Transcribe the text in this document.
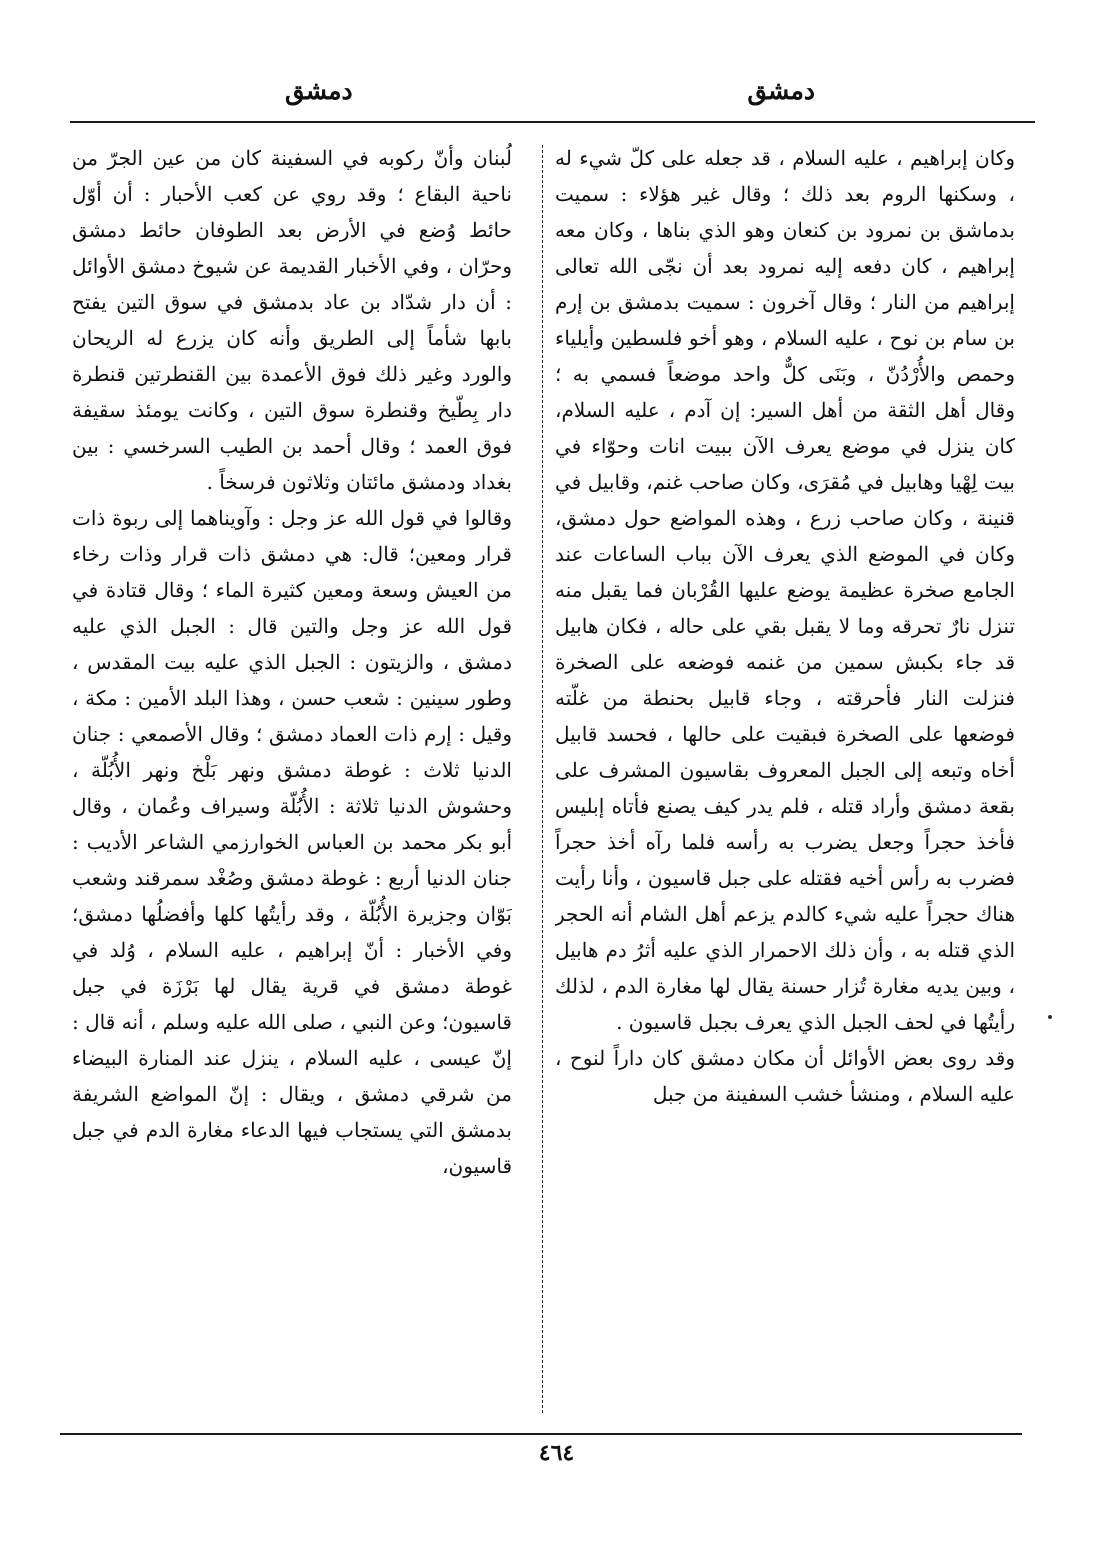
دمشق
دمشق

وكان إبراهيم ، عليه السلام ، قد جعله على كلّ شيء له ، وسكنها الروم بعد ذلك ؛ وقال غير هؤلاء : سميت بدماشق بن نمرود بن كنعان وهو الذي بناها ، وكان معه إبراهيم ، كان دفعه إليه نمرود بعد أن نجّى الله تعالى إبراهيم من النار ؛ وقال آخرون : سميت بدمشق بن إرم بن سام بن نوح ، عليه السلام ، وهو أخو فلسطين وأيلياء وحمص والأُرْدُنّ ، وبَنَى كلٌّ واحد موضعاً فسمي به ؛ وقال أهل الثقة من أهل السير: إن آدم ، عليه السلام، كان ينزل في موضع يعرف الآن ببيت انات وحوّاء في بيت لِهْيا وهابيل في مُقرَى، وكان صاحب غنم، وقابيل في قنينة ، وكان صاحب زرع ، وهذه المواضع حول دمشق، وكان في الموضع الذي يعرف الآن بباب الساعات عند الجامع صخرة عظيمة يوضع عليها القُرْبان فما يقبل منه تنزل نارٌ تحرقه وما لا يقبل بقي على حاله ، فكان هابيل قد جاء بكبش سمين من غنمه فوضعه على الصخرة فنزلت النار فأحرقته ، وجاء قابيل بحنطة من غلّته فوضعها على الصخرة فبقيت على حالها ، فحسد قابيل أخاه وتبعه إلى الجبل المعروف بقاسيون المشرف على بقعة دمشق وأراد قتله ، فلم يدر كيف يصنع فأتاه إبليس فأخذ حجراً وجعل يضرب به رأسه فلما رآه أخذ حجراً فضرب به رأس أخيه فقتله على جبل قاسيون ، وأنا رأيت هناك حجراً عليه شيء كالدم يزعم أهل الشام أنه الحجر الذي قتله به ، وأن ذلك الاحمرار الذي عليه أثرُ دم هابيل ، وبين يديه مغارة تُزار حسنة يقال لها مغارة الدم ، لذلك رأيتُها في لحف الجبل الذي يعرف بجبل قاسيون .

وقد روى بعض الأوائل أن مكان دمشق كان داراً لنوح ، عليه السلام ، ومنشأ خشب السفينة من جبل

لُبنان وأنّ ركوبه في السفينة كان من عين الجرّ من ناحية البقاع ؛ وقد روي عن كعب الأحبار : أن أوّل حائط وُضع في الأرض بعد الطوفان حائط دمشق وحرّان ، وفي الأخبار القديمة عن شيوخ دمشق الأوائل : أن دار شدّاد بن عاد بدمشق في سوق التين يفتح بابها شأماً إلى الطريق وأنه كان يزرع له الريحان والورد وغير ذلك فوق الأعمدة بين القنطرتين قنطرة دار بِطّيخ وقنطرة سوق التين ، وكانت يومئذ سقيفة فوق العمد ؛ وقال أحمد بن الطيب السرخسي : بين بغداد ودمشق مائتان وثلاثون فرسخاً .

وقالوا في قول الله عز وجل : وآويناهما إلى ربوة ذات قرار ومعين؛ قال: هي دمشق ذات قرار وذات رخاء من العيش وسعة ومعين كثيرة الماء ؛ وقال قتادة في قول الله عز وجل والتين قال : الجبل الذي عليه دمشق ، والزيتون : الجبل الذي عليه بيت المقدس ، وطور سينين : شعب حسن ، وهذا البلد الأمين : مكة ، وقيل : إرم ذات العماد دمشق ؛ وقال الأصمعي : جنان الدنيا ثلاث : غوطة دمشق ونهر بَلْخ ونهر الأُبُلّة ، وحشوش الدنيا ثلاثة : الأُبُلّة وسيراف وعُمان ، وقال أبو بكر محمد بن العباس الخوارزمي الشاعر الأديب : جنان الدنيا أربع : غوطة دمشق وصُغْد سمرقند وشعب بَوّان وجزيرة الأُبُلّة ، وقد رأيتُها كلها وأفضلُها دمشق؛ وفي الأخبار : أنّ إبراهيم ، عليه السلام ، وُلد في غوطة دمشق في قرية يقال لها بَرْزَة في جبل قاسيون؛ وعن النبي ، صلى الله عليه وسلم ، أنه قال : إنّ عيسى ، عليه السلام ، ينزل عند المنارة البيضاء من شرقي دمشق ، ويقال : إنّ المواضع الشريفة بدمشق التي يستجاب فيها الدعاء مغارة الدم في جبل قاسيون،

٤٦٤
